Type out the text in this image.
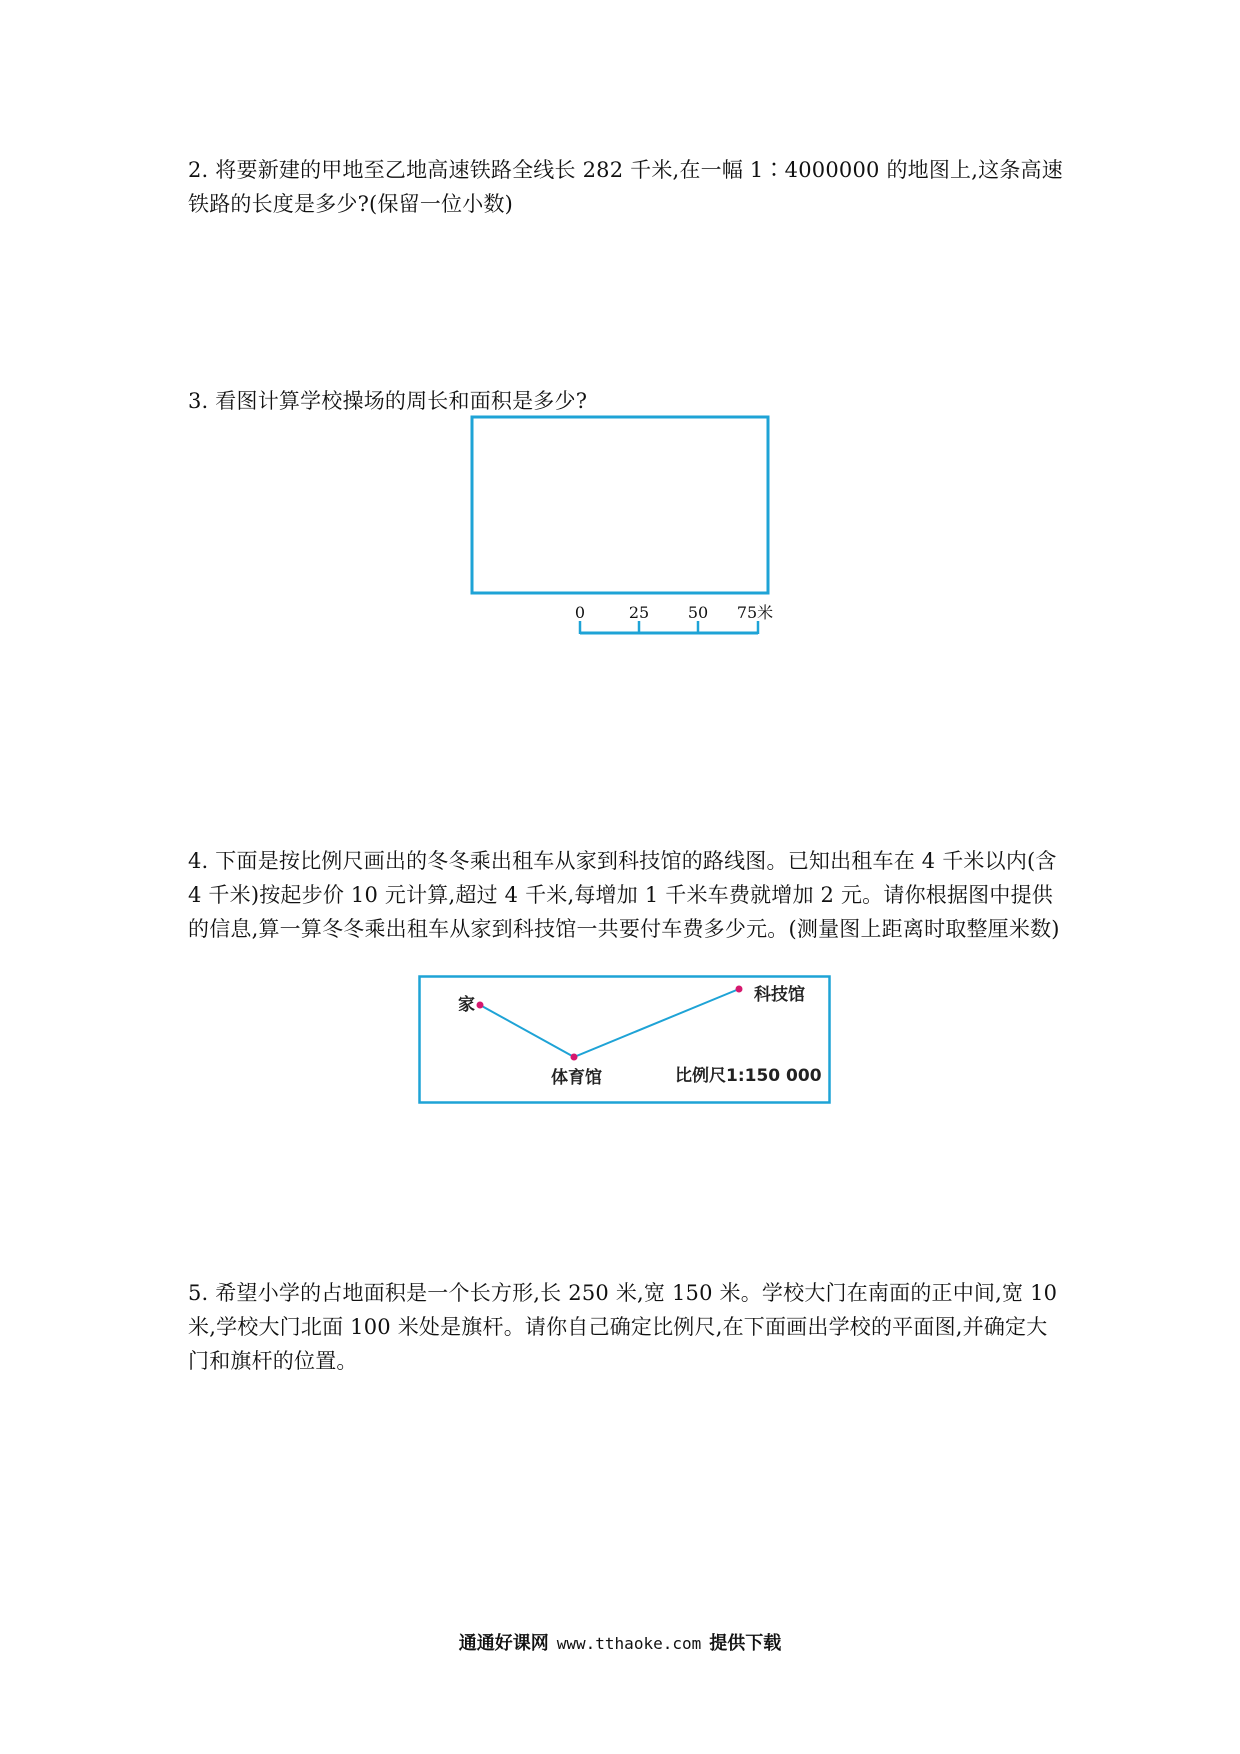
2. 将要新建的甲地至乙地高速铁路全线长 282 千米,在一幅 1∶4000000 的地图上,这条高速铁路的长度是多少?(保留一位小数)
3. 看图计算学校操场的周长和面积是多少?
0	25 50 75米
4. 下面是按比例尺画出的冬冬乘出租车从家到科技馆的路线图。已知出租车在 4 千米以内(含 4 千米)按起步价 10 元计算,超过 4 千米,每增加 1 千米车费就增加 2 元。请你根据图中提供的信息,算一算冬冬乘出租车从家到科技馆一共要付车费多少元。(测量图上距离时取整厘米数)
家
体育馆
科技馆
比例尺1:150 000
5. 希望小学的占地面积是一个长方形,长 250 米,宽 150 米。学校大门在南面的正中间,宽 10 米,学校大门北面 100 米处是旗杆。请你自己确定比例尺,在下面画出学校的平面图,并确定大门和旗杆的位置。
通通好课网 www.tthaoke.com 提供下载
